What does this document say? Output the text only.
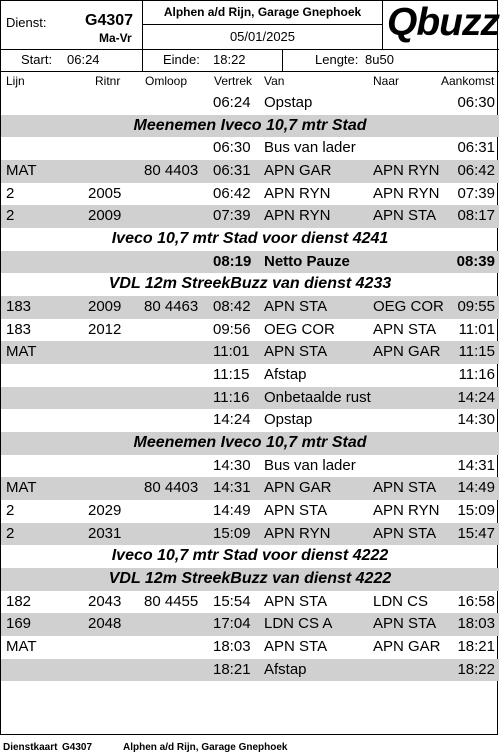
Dienst: G4307
Ma-Vr
Alphen a/d Rijn, Garage Gnephoek
05/01/2025	Qbuzz
Start: 06:24	Einde: 18:22	Lengte: 8u50
Lijn	Ritnr Omloop Vertrek Van	Naar	Aankomst
06:24 Opstap	06:30
Meenemen Iveco 10,7 mtr Stad
06:30 Bus van lader	06:31
MAT	80 4403 06:31 APN GAR	APN RYN 06:42
2	2005	06:42 APN RYN	APN RYN 07:39
2	2009	07:39 APN RYN	APN STA 08:17
Iveco 10,7 mtr Stad voor dienst 4241
08:19 Netto Pauze	08:39
VDL 12m StreekBuzz van dienst 4233
183	2009 80 4463 08:42 APN STA	OEG COR 09:55
183	2012	09:56 OEG COR	APN STA 11:01
MAT	11:01 APN STA	APN GAR 11:15
11:15 Afstap	11:16
11:16 Onbetaalde rust	14:24
14:24 Opstap	14:30
Meenemen Iveco 10,7 mtr Stad
14:30 Bus van lader	14:31
MAT	80 4403 14:31 APN GAR	APN STA 14:49
2	2029	14:49 APN STA	APN RYN 15:09
2	2031	15:09 APN RYN	APN STA 15:47
Iveco 10,7 mtr Stad voor dienst 4222
VDL 12m StreekBuzz van dienst 4222
182	2043 80 4455 15:54 APN STA	LDN CS 16:58
169	2048	17:04 LDN CS A	APN STA 18:03
MAT	18:03 APN STA	APN GAR 18:21
18:21 Afstap	18:22
Dienstkaart G4307	Alphen a/d Rijn, Garage Gnephoek
